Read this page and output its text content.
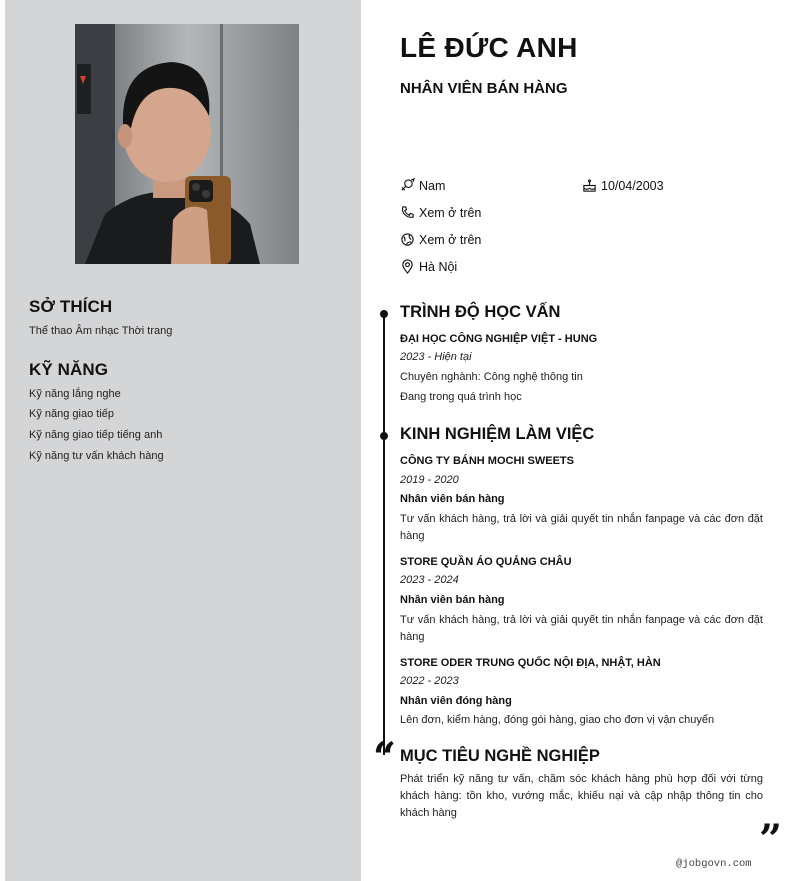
SỞ THÍCH
Thể thao Âm nhạc Thời trang
KỸ NĂNG
Kỹ năng lắng nghe
Kỹ năng giao tiếp
Kỹ năng giao tiếp tiếng anh
Kỹ năng tư vấn khách hàng
LÊ ĐỨC ANH
NHÂN VIÊN BÁN HÀNG
Nam	10/04/2003
Xem ở trên
Xem ở trên
Hà Nội
TRÌNH ĐỘ HỌC VẤN
ĐẠI HỌC CÔNG NGHIỆP VIỆT - HUNG
2023 - Hiện tại
Chuyên nghành: Công nghệ thông tin
Đang trong quá trình học
KINH NGHIỆM LÀM VIỆC
CÔNG TY BÁNH MOCHI SWEETS
2019 - 2020
Nhân viên bán hàng
Tư vấn khách hàng, trả lời và giải quyết tin nhắn fanpage và các đơn đặt hàng
STORE QUẦN ÁO QUẢNG CHÂU
2023 - 2024
Nhân viên bán hàng
Tư vấn khách hàng, trả lời và giải quyết tin nhắn fanpage và các đơn đặt hàng
STORE ODER TRUNG QUỐC NỘI ĐỊA, NHẬT, HÀN
2022 - 2023
Nhân viên đóng hàng
Lên đơn, kiểm hàng, đóng gói hàng, giao cho đơn vị vận chuyển
“ MỤC TIÊU NGHỀ NGHIỆP
Phát triển kỹ năng tư vấn, chăm sóc khách hàng phù hợp đối với từng khách hàng: tồn kho, vướng mắc, khiếu nại và cập nhập thông tin cho khách hàng
”
@jobgovn.com
